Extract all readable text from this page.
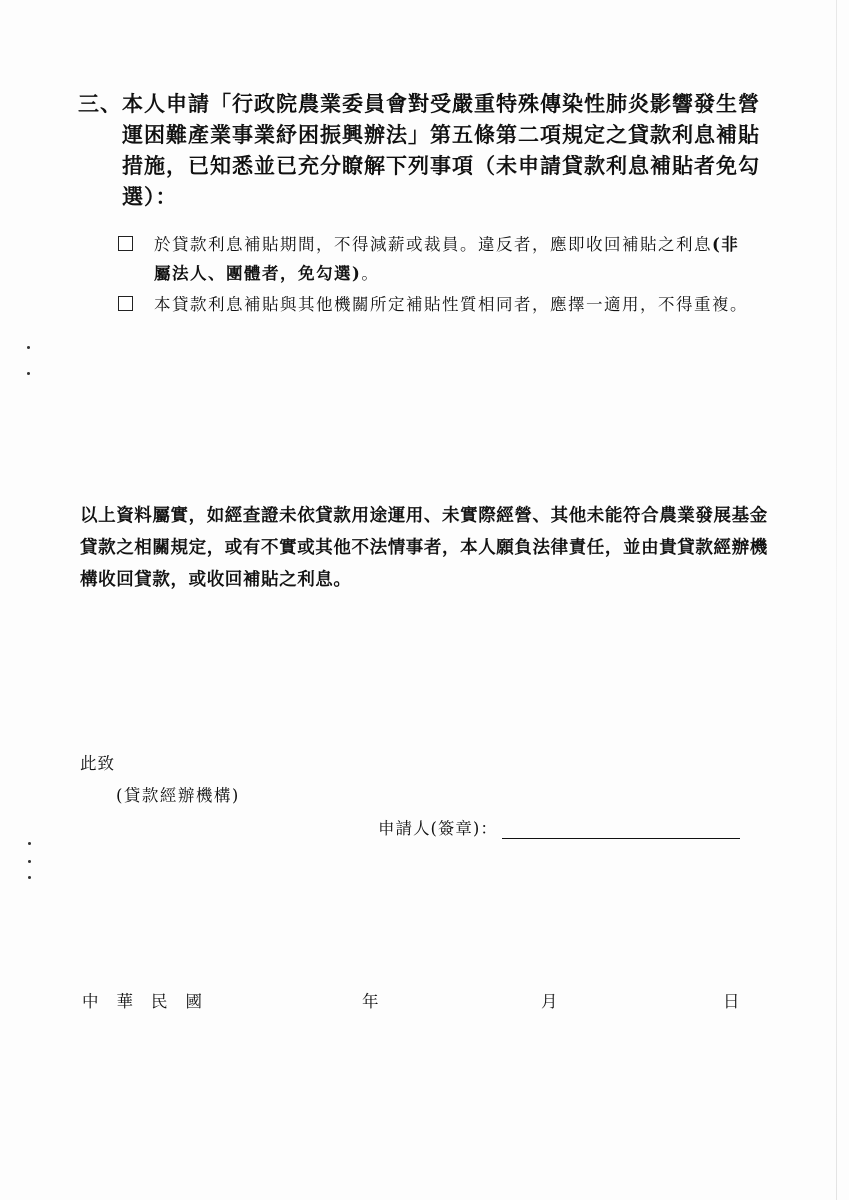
三、 本人申請「行政院農業委員會對受嚴重特殊傳染性肺炎影響發生營運困難產業事業紓困振興辦法」第五條第二項規定之貸款利息補貼措施，已知悉並已充分瞭解下列事項（未申請貸款利息補貼者免勾選）：
於貸款利息補貼期間，不得減薪或裁員。違反者，應即收回補貼之利息(非屬法人、團體者，免勾選)。
本貸款利息補貼與其他機關所定補貼性質相同者，應擇一適用，不得重複。
以上資料屬實，如經查證未依貸款用途運用、未實際經營、其他未能符合農業發展基金貸款之相關規定，或有不實或其他不法情事者，本人願負法律責任，並由貴貸款經辦機構收回貸款，或收回補貼之利息。
此致
(貸款經辦機構)
申請人(簽章)：
中華民國	年	月	日
